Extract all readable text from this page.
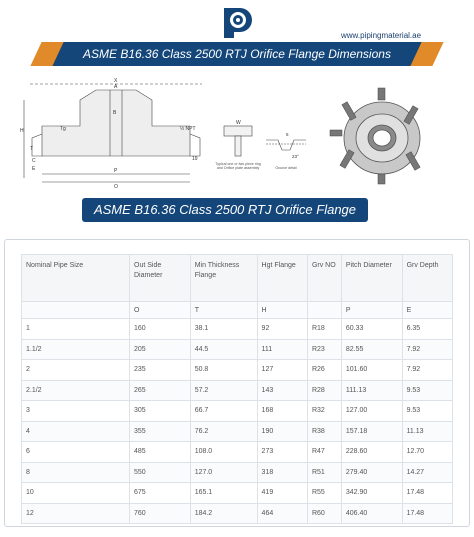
www.pipingmaterial.ae
ASME B16.36 Class 2500 RTJ Orifice Flange Dimensions
X
A
B
H	Tg
T
C
E	P
O
½ NPT
19
W
Typical one or two piece ring and Orifice plate assembly
6
23°
Groove detail
ASME B16.36 Class 2500 RTJ Orifice Flange
Nominal Pipe Size	Out Side Diameter	Min Thickness Flange	Hgt Flange	Grv NO	Pitch Diameter	Grv Depth
	O	T	H		P	E
1	160	38.1	92	R18	60.33	6.35
1.1/2	205	44.5	111	R23	82.55	7.92
2	235	50.8	127	R26	101.60	7.92
2.1/2	265	57.2	143	R28	111.13	9.53
3	305	66.7	168	R32	127.00	9.53
4	355	76.2	190	R38	157.18	11.13
6	485	108.0	273	R47	228.60	12.70
8	550	127.0	318	R51	279.40	14.27
10	675	165.1	419	R55	342.90	17.48
12	760	184.2	464	R60	406.40	17.48
